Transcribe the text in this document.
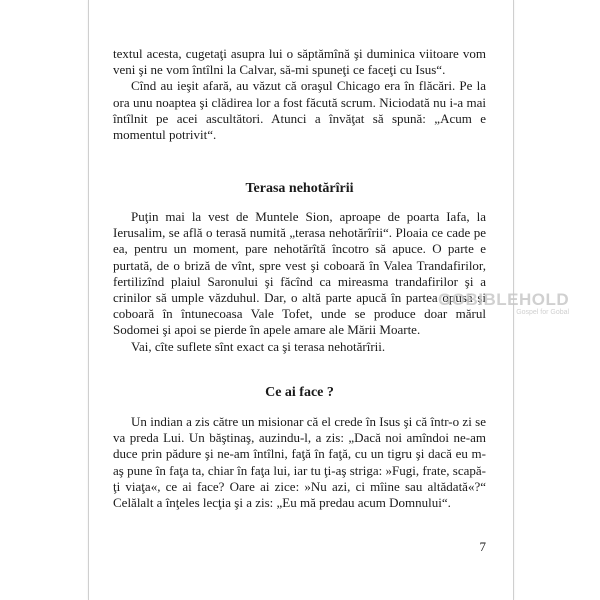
textul acesta, cugetaţi asupra lui o săptămînă şi duminica viitoare vom veni şi ne vom întîlni la Calvar, să-mi spuneţi ce faceţi cu Isus“.

Cînd au ieşit afară, au văzut că oraşul Chicago era în flăcări. Pe la ora unu noaptea şi clădirea lor a fost făcută scrum. Niciodată nu i-a mai întîlnit pe acei ascultători. Atunci a învăţat să spună: „Acum e momentul potrivit“.

Terasa nehotărîrii

Puţin mai la vest de Muntele Sion, aproape de poarta Iafa, la Ierusalim, se află o terasă numită „terasa nehotărîrii“. Ploaia ce cade pe ea, pentru un moment, pare nehotărîtă încotro să apuce. O parte e purtată, de o briză de vînt, spre vest şi coboară în Valea Trandafirilor, fertilizînd plaiul Saronului şi făcînd ca mireasma trandafirilor şi a crinilor să umple văzduhul. Dar, o altă parte apucă în partea opusă şi coboară în întunecoasa Vale Tofet, unde se produce doar mărul Sodomei şi apoi se pierde în apele amare ale Mării Moarte.

Vai, cîte suflete sînt exact ca şi terasa nehotărîrii.

Ce ai face ?

Un indian a zis către un misionar că el crede în Isus şi că într-o zi se va preda Lui. Un băştinaş, auzindu-l, a zis: „Dacă noi amîndoi ne-am duce prin pădure şi ne-am întîlni, faţă în faţă, cu un tigru şi dacă eu m-aş pune în faţa ta, chiar în faţa lui, iar tu ţi-aş striga: »Fugi, frate, scapă-ţi viaţa«, ce ai face? Oare ai zice: »Nu azi, ci mîine sau altădată«?“ Celălalt a înţeles lecţia şi a zis: „Eu mă predau acum Domnului“.

7
GOBIBLEHOLD
Gospel for Gobal
